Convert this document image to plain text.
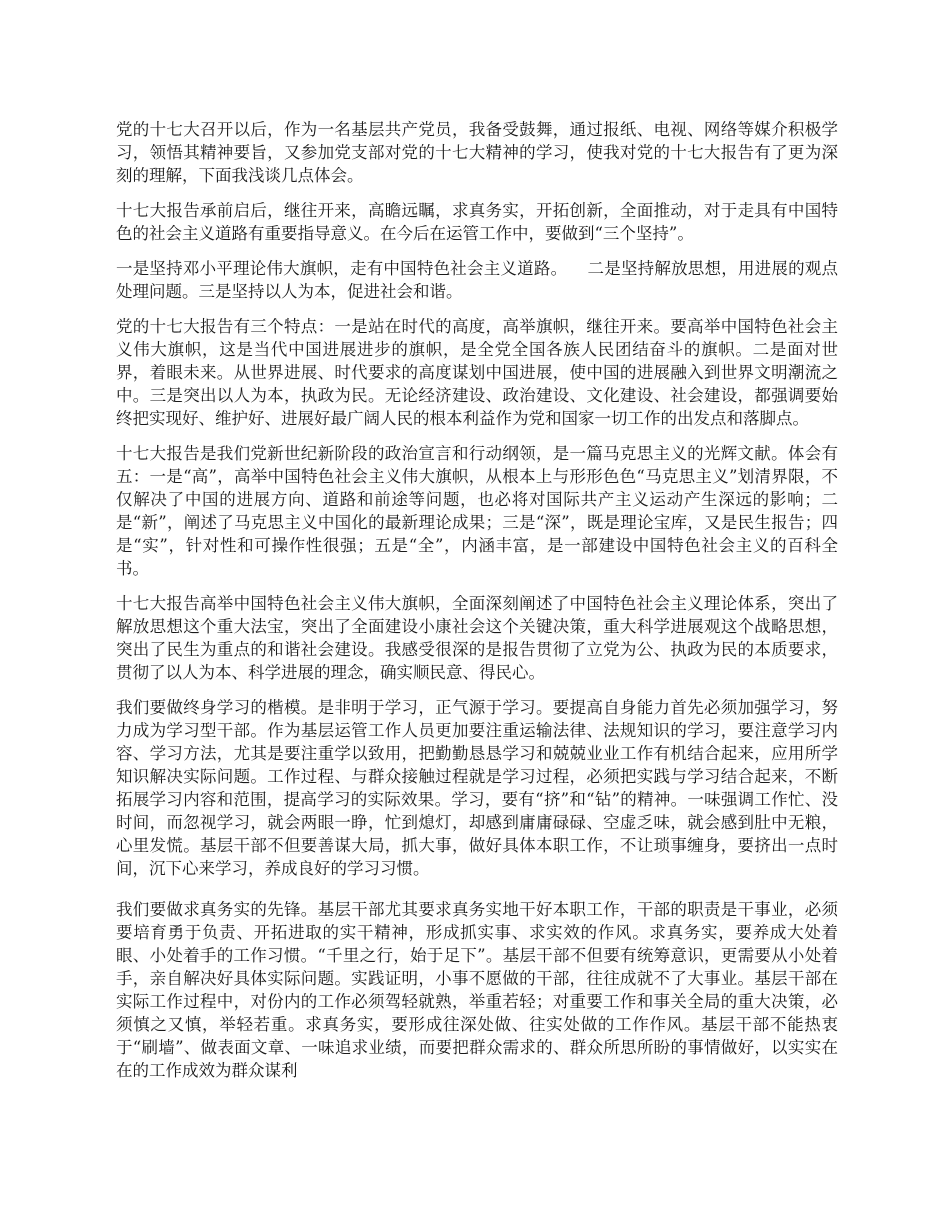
党的十七大召开以后，作为一名基层共产党员，我备受鼓舞，通过报纸、电视、网络等媒介积极学习，领悟其精神要旨，又参加党支部对党的十七大精神的学习，使我对党的十七大报告有了更为深刻的理解，下面我浅谈几点体会。

十七大报告承前启后，继往开来，高瞻远瞩，求真务实，开拓创新，全面推动，对于走具有中国特色的社会主义道路有重要指导意义。在今后在运管工作中，要做到“三个坚持”。

一是坚持邓小平理论伟大旗帜，走有中国特色社会主义道路。 二是坚持解放思想，用进展的观点处理问题。三是坚持以人为本，促进社会和谐。

党的十七大报告有三个特点：一是站在时代的高度，高举旗帜，继往开来。要高举中国特色社会主义伟大旗帜，这是当代中国进展进步的旗帜，是全党全国各族人民团结奋斗的旗帜。二是面对世界，着眼未来。从世界进展、时代要求的高度谋划中国进展，使中国的进展融入到世界文明潮流之中。三是突出以人为本，执政为民。无论经济建设、政治建设、文化建设、社会建设，都强调要始终把实现好、维护好、进展好最广阔人民的根本利益作为党和国家一切工作的出发点和落脚点。

十七大报告是我们党新世纪新阶段的政治宣言和行动纲领，是一篇马克思主义的光辉文献。体会有五：一是“高”，高举中国特色社会主义伟大旗帜，从根本上与形形色色“马克思主义”划清界限，不仅解决了中国的进展方向、道路和前途等问题，也必将对国际共产主义运动产生深远的影响；二是“新”，阐述了马克思主义中国化的最新理论成果；三是“深”，既是理论宝库，又是民生报告；四是“实”，针对性和可操作性很强；五是“全”，内涵丰富，是一部建设中国特色社会主义的百科全书。

十七大报告高举中国特色社会主义伟大旗帜，全面深刻阐述了中国特色社会主义理论体系，突出了解放思想这个重大法宝，突出了全面建设小康社会这个关键决策，重大科学进展观这个战略思想，突出了民生为重点的和谐社会建设。我感受很深的是报告贯彻了立党为公、执政为民的本质要求，贯彻了以人为本、科学进展的理念，确实顺民意、得民心。

我们要做终身学习的楷模。是非明于学习，正气源于学习。要提高自身能力首先必须加强学习，努力成为学习型干部。作为基层运管工作人员更加要注重运输法律、法规知识的学习，要注意学习内容、学习方法，尤其是要注重学以致用，把勤勤恳恳学习和兢兢业业工作有机结合起来，应用所学知识解决实际问题。工作过程、与群众接触过程就是学习过程，必须把实践与学习结合起来，不断拓展学习内容和范围，提高学习的实际效果。学习，要有“挤”和“钻”的精神。一味强调工作忙、没时间，而忽视学习，就会两眼一睁，忙到熄灯，却感到庸庸碌碌、空虚乏味，就会感到肚中无粮，心里发慌。基层干部不但要善谋大局，抓大事，做好具体本职工作，不让琐事缠身，要挤出一点时间，沉下心来学习，养成良好的学习习惯。

我们要做求真务实的先锋。基层干部尤其要求真务实地干好本职工作，干部的职责是干事业，必须要培育勇于负责、开拓进取的实干精神，形成抓实事、求实效的作风。求真务实，要养成大处着眼、小处着手的工作习惯。“千里之行，始于足下”。基层干部不但要有统筹意识，更需要从小处着手，亲自解决好具体实际问题。实践证明，小事不愿做的干部，往往成就不了大事业。基层干部在实际工作过程中，对份内的工作必须驾轻就熟，举重若轻；对重要工作和事关全局的重大决策，必须慎之又慎，举轻若重。求真务实，要形成往深处做、往实处做的工作作风。基层干部不能热衷于“刷墙”、做表面文章、一味追求业绩，而要把群众需求的、群众所思所盼的事情做好，以实实在在的工作成效为群众谋利
